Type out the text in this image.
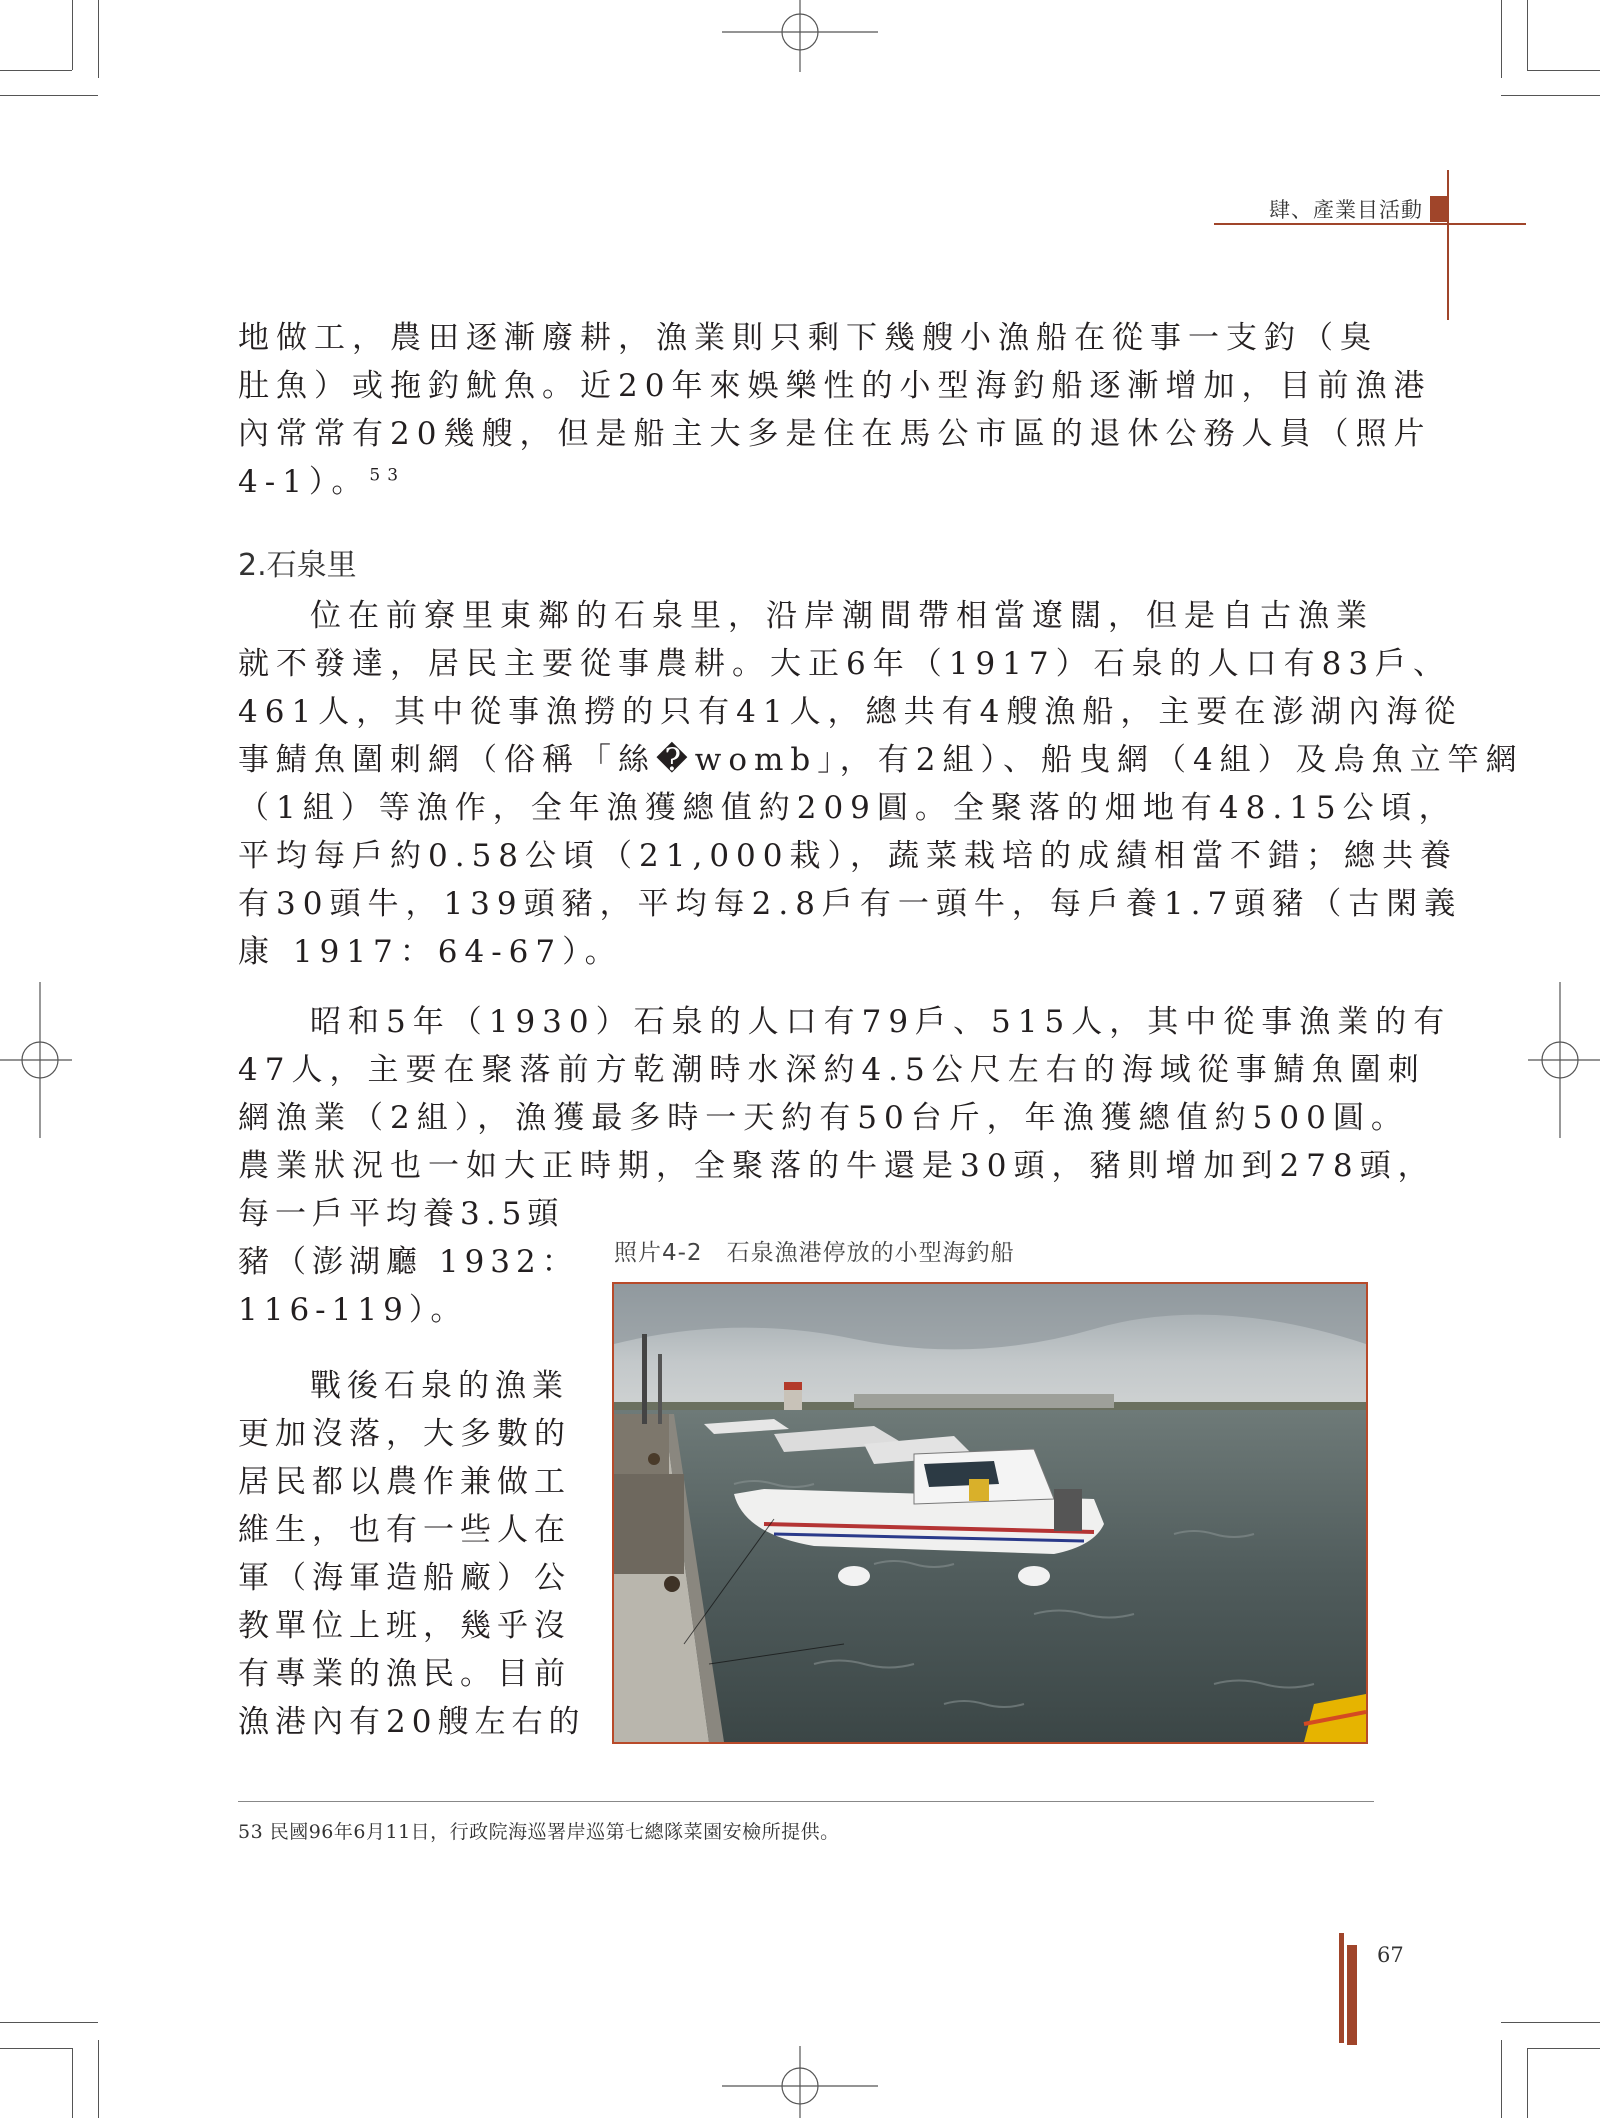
肆、產業目活動
地做工，農田逐漸廢耕，漁業則只剩下幾艘小漁船在從事一支釣（臭
肚魚）或拖釣魷魚。近20年來娛樂性的小型海釣船逐漸增加，目前漁港
內常常有20幾艘，但是船主大多是住在馬公市區的退休公務人員（照片
4-1）。$^{53}$
2.石泉里
位在前寮里東鄰的石泉里，沿岸潮間帶相當遼闊，但是自古漁業
就不發達，居民主要從事農耕。大正6年（1917）石泉的人口有83戶、
461人，其中從事漁撈的只有41人，總共有4艘漁船，主要在澎湖內海從
事鯖魚圍刺網（俗稱「絲�womb」，有2組）、船曳網（4組）及烏魚立竿網
（1組）等漁作，全年漁獲總值約209圓。全聚落的畑地有48.15公頃，
平均每戶約0.58公頃（21,000栽），蔬菜栽培的成績相當不錯；總共養
有30頭牛，139頭豬，平均每2.8戶有一頭牛，每戶養1.7頭豬（古閑義
康 1917：64-67）。
昭和5年（1930）石泉的人口有79戶、515人，其中從事漁業的有
47人，主要在聚落前方乾潮時水深約4.5公尺左右的海域從事鯖魚圍刺
網漁業（2組），漁獲最多時一天約有50台斤，年漁獲總值約500圓。
農業狀況也一如大正時期，全聚落的牛還是30頭，豬則增加到278頭，
每一戶平均養3.5頭
豬（澎湖廳 1932：
116-119）。
戰後石泉的漁業
更加沒落，大多數的
居民都以農作兼做工
維生，也有一些人在
軍（海軍造船廠）公
教單位上班，幾乎沒
有專業的漁民。目前
漁港內有20艘左右的
照片4-2　石泉漁港停放的小型海釣船
53 民國96年6月11日，行政院海巡署岸巡第七總隊菜園安檢所提供。
67
